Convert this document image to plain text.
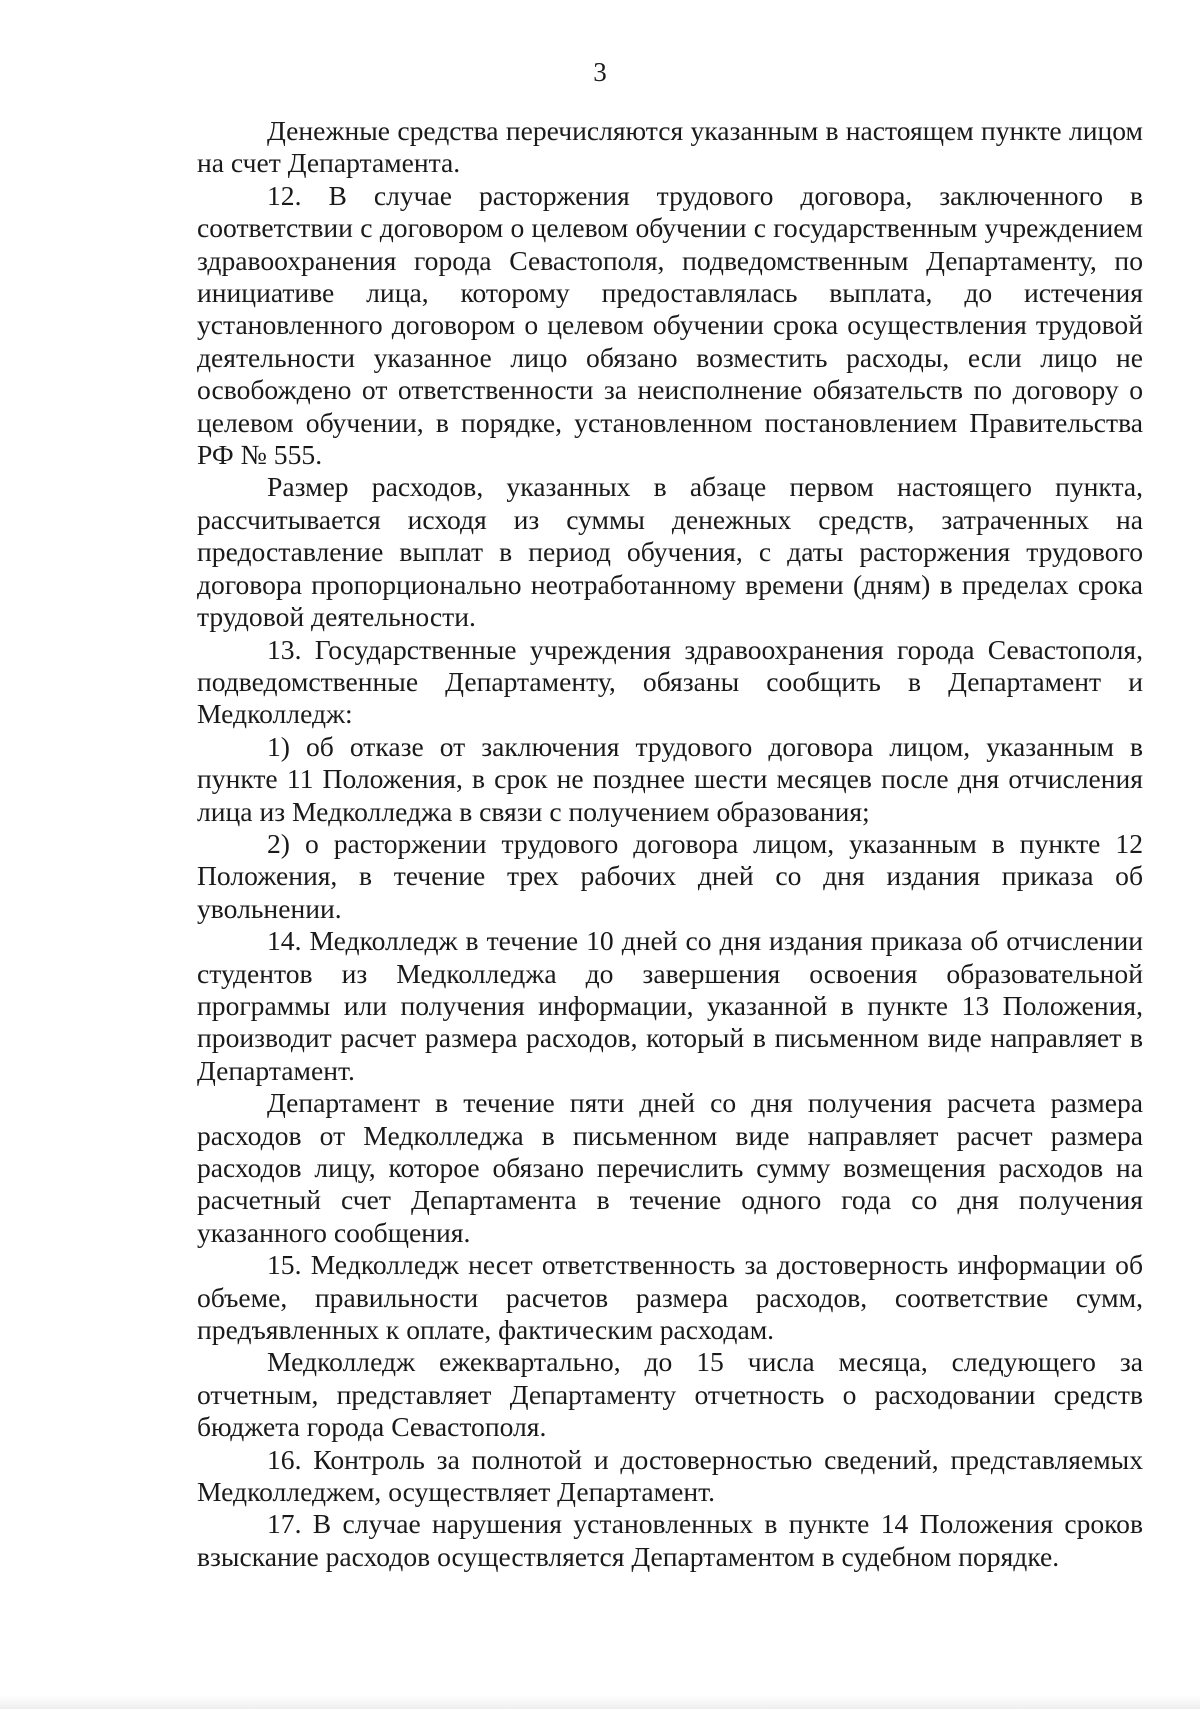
3

Денежные средства перечисляются указанным в настоящем пункте лицом на счет Департамента.

12. В случае расторжения трудового договора, заключенного в соответствии с договором о целевом обучении с государственным учреждением здравоохранения города Севастополя, подведомственным Департаменту, по инициативе лица, которому предоставлялась выплата, до истечения установленного договором о целевом обучении срока осуществления трудовой деятельности указанное лицо обязано возместить расходы, если лицо не освобождено от ответственности за неисполнение обязательств по договору о целевом обучении, в порядке, установленном постановлением Правительства РФ № 555.

Размер расходов, указанных в абзаце первом настоящего пункта, рассчитывается исходя из суммы денежных средств, затраченных на предоставление выплат в период обучения, с даты расторжения трудового договора пропорционально неотработанному времени (дням) в пределах срока трудовой деятельности.

13. Государственные учреждения здравоохранения города Севастополя, подведомственные Департаменту, обязаны сообщить в Департамент и Медколледж:

1) об отказе от заключения трудового договора лицом, указанным в пункте 11 Положения, в срок не позднее шести месяцев после дня отчисления лица из Медколледжа в связи с получением образования;

2) о расторжении трудового договора лицом, указанным в пункте 12 Положения, в течение трех рабочих дней со дня издания приказа об увольнении.

14. Медколледж в течение 10 дней со дня издания приказа об отчислении студентов из Медколледжа до завершения освоения образовательной программы или получения информации, указанной в пункте 13 Положения, производит расчет размера расходов, который в письменном виде направляет в Департамент.

Департамент в течение пяти дней со дня получения расчета размера расходов от Медколледжа в письменном виде направляет расчет размера расходов лицу, которое обязано перечислить сумму возмещения расходов на расчетный счет Департамента в течение одного года со дня получения указанного сообщения.

15. Медколледж несет ответственность за достоверность информации об объеме, правильности расчетов размера расходов, соответствие сумм, предъявленных к оплате, фактическим расходам.

Медколледж ежеквартально, до 15 числа месяца, следующего за отчетным, представляет Департаменту отчетность о расходовании средств бюджета города Севастополя.

16. Контроль за полнотой и достоверностью сведений, представляемых Медколледжем, осуществляет Департамент.

17. В случае нарушения установленных в пункте 14 Положения сроков взыскание расходов осуществляется Департаментом в судебном порядке.
